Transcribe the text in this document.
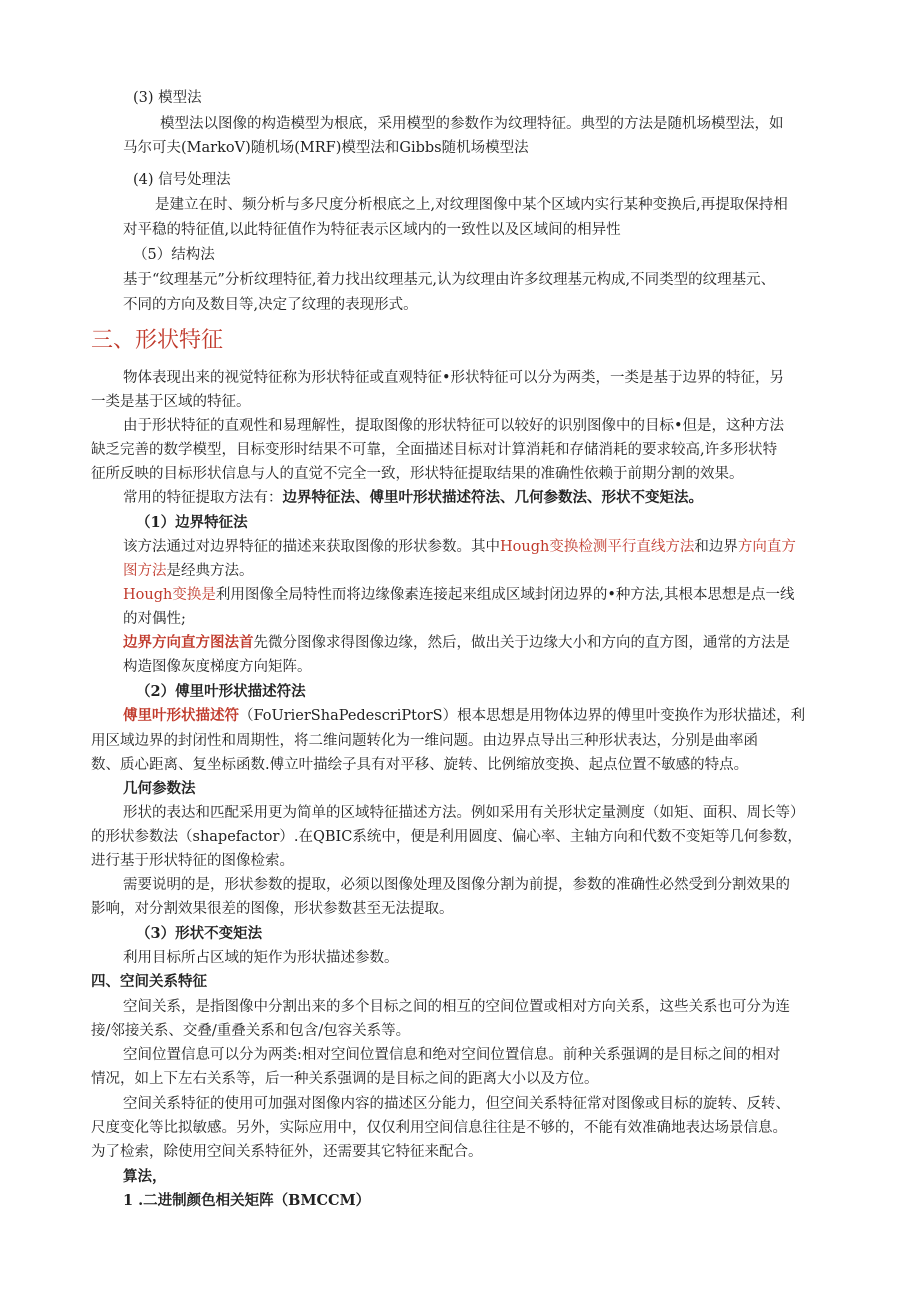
(3) 模型法
模型法以图像的构造模型为根底，采用模型的参数作为纹理特征。典型的方法是随机场模型法，如
马尔可夫(MarkoV)随机场(MRF)模型法和Gibbs随机场模型法
(4) 信号处理法
是建立在时、频分析与多尺度分析根底之上,对纹理图像中某个区域内实行某种变换后,再提取保持相
对平稳的特征值,以此特征值作为特征表示区域内的一致性以及区域间的相异性
（5）结构法
基于“纹理基元”分析纹理特征,着力找出纹理基元,认为纹理由许多纹理基元构成,不同类型的纹理基元、
不同的方向及数目等,决定了纹理的表现形式。
三、形状特征
物体表现出来的视觉特征称为形状特征或直观特征•形状特征可以分为两类，一类是基于边界的特征，另
一类是基于区域的特征。
由于形状特征的直观性和易理解性，提取图像的形状特征可以较好的识别图像中的目标•但是，这种方法
缺乏完善的数学模型，目标变形时结果不可靠，全面描述目标对计算消耗和存储消耗的要求较高,许多形状特
征所反映的目标形状信息与人的直觉不完全一致，形状特征提取结果的准确性依赖于前期分割的效果。
常用的特征提取方法有：边界特征法、傅里叶形状描述符法、几何参数法、形状不变矩法。
（1）边界特征法
该方法通过对边界特征的描述来获取图像的形状参数。其中Hough变换检测平行直线方法和边界方向直方
图方法是经典方法。
Hough变换是利用图像全局特性而将边缘像素连接起来组成区域封闭边界的•种方法,其根本思想是点一线
的对偶性;
边界方向直方图法首先微分图像求得图像边缘，然后，做出关于边缘大小和方向的直方图，通常的方法是
构造图像灰度梯度方向矩阵。
（2）傅里叶形状描述符法
傅里叶形状描述符（FoUrierShaPedescriPtorS）根本思想是用物体边界的傅里叶变换作为形状描述，利
用区域边界的封闭性和周期性，将二维问题转化为一维问题。由边界点导出三种形状表达，分别是曲率函
数、质心距离、复坐标函数.傅立叶描绘子具有对平移、旋转、比例缩放变换、起点位置不敏感的特点。
几何参数法
形状的表达和匹配采用更为简单的区域特征描述方法。例如采用有关形状定量测度（如矩、面积、周长等）
的形状参数法（shapefactor）.在QBIC系统中，便是利用圆度、偏心率、主轴方向和代数不变矩等几何参数，
进行基于形状特征的图像检索。
需要说明的是，形状参数的提取，必须以图像处理及图像分割为前提，参数的准确性必然受到分割效果的
影响，对分割效果很差的图像，形状参数甚至无法提取。
（3）形状不变矩法
利用目标所占区域的矩作为形状描述参数。
四、空间关系特征
空间关系，是指图像中分割出来的多个目标之间的相互的空间位置或相对方向关系，这些关系也可分为连
接/邻接关系、交叠/重叠关系和包含/包容关系等。
空间位置信息可以分为两类:相对空间位置信息和绝对空间位置信息。前种关系强调的是目标之间的相对
情况，如上下左右关系等，后一种关系强调的是目标之间的距离大小以及方位。
空间关系特征的使用可加强对图像内容的描述区分能力，但空间关系特征常对图像或目标的旋转、反转、
尺度变化等比拟敏感。另外，实际应用中，仅仅利用空间信息往往是不够的，不能有效准确地表达场景信息。
为了检索，除使用空间关系特征外，还需要其它特征来配合。
算法，
1 .二进制颜色相关矩阵（BMCCM）
